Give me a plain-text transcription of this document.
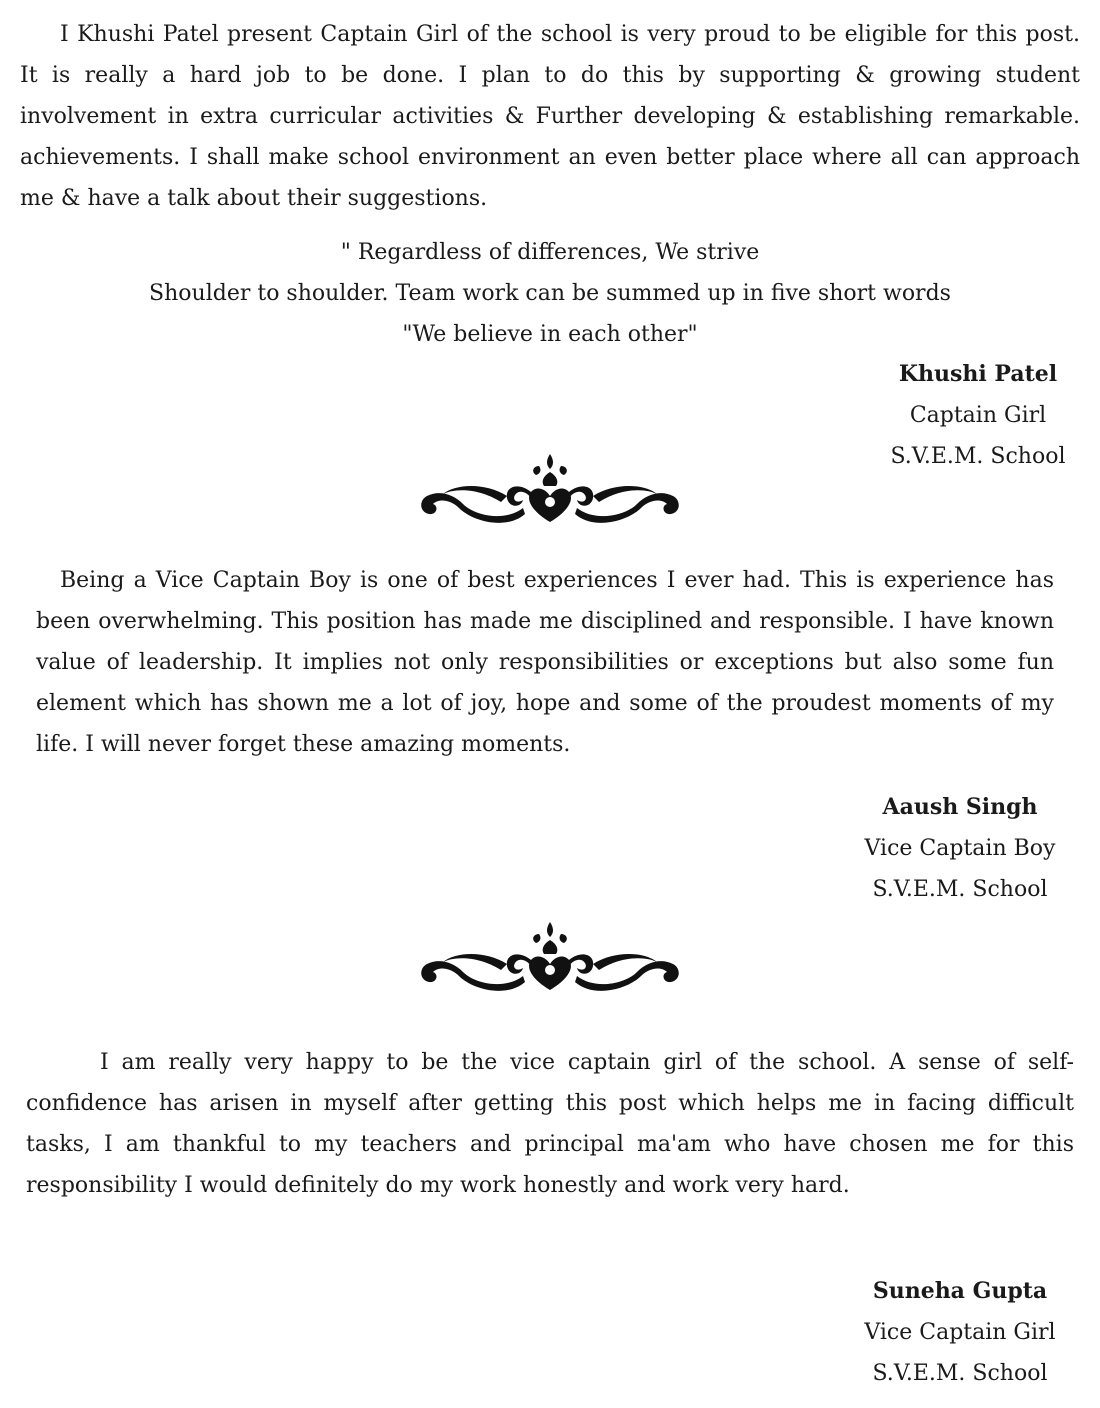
I Khushi Patel present Captain Girl of the school is very proud to be eligible for this post. It is really a hard job to be done. I plan to do this by supporting & growing student involvement in extra curricular activities & Further developing & establishing remarkable. achievements. I shall make school environment an even better place where all can approach me & have a talk about their suggestions.

" Regardless of differences, We strive

Shoulder to shoulder. Team work can be summed up in five short words

"We believe in each other"

Khushi Patel
Captain Girl
S.V.E.M. School

Being a Vice Captain Boy is one of best experiences I ever had. This is experience has been overwhelming. This position has made me disciplined and responsible. I have known value of leadership. It implies not only responsibilities or exceptions but also some fun element which has shown me a lot of joy, hope and some of the proudest moments of my life. I will never forget these amazing moments.

Aaush Singh
Vice Captain Boy
S.V.E.M. School

I am really very happy to be the vice captain girl of the school. A sense of self-confidence has arisen in myself after getting this post which helps me in facing difficult tasks, I am thankful to my teachers and principal ma'am who have chosen me for this responsibility I would definitely do my work honestly and work very hard.

Suneha Gupta
Vice Captain Girl
S.V.E.M. School
